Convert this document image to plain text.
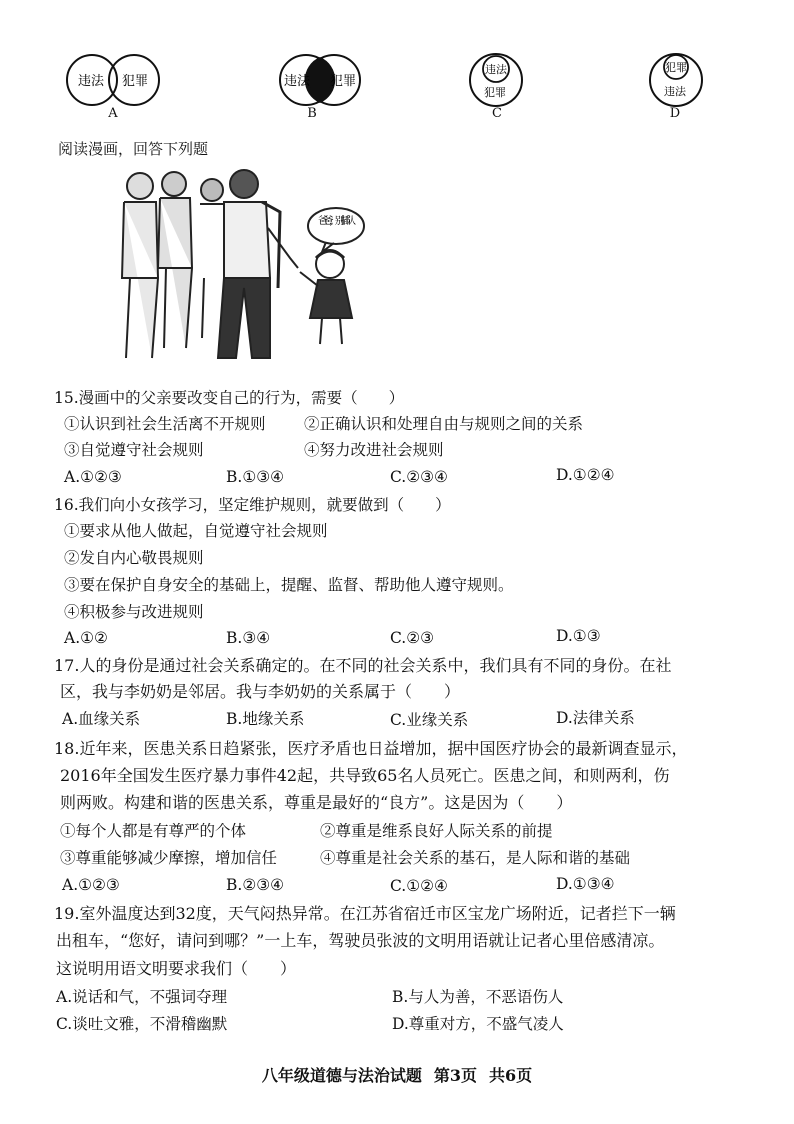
违法 犯罪
A
违法 犯罪
B
违法
犯罪
C
犯罪
违法
D
阅读漫画，回答下列题
爸爸，别插队
15.漫画中的父亲要改变自己的行为，需要（　　）
①认识到社会生活离不开规则 ②正确认识和处理自由与规则之间的关系
③自觉遵守社会规则	④努力改进社会规则
A.①②③	B.①③④	C.②③④	D.①②④
16.我们向小女孩学习，坚定维护规则，就要做到（　　）
①要求从他人做起，自觉遵守社会规则
②发自内心敬畏规则
③要在保护自身安全的基础上，提醒、监督、帮助他人遵守规则。
④积极参与改进规则
A.①②	B.③④	C.②③	D.①③
17.人的身份是通过社会关系确定的。在不同的社会关系中，我们具有不同的身份。在社
区，我与李奶奶是邻居。我与李奶奶的关系属于（　　）
A.血缘关系	B.地缘关系	C.业缘关系	D.法律关系
18.近年来，医患关系日趋紧张，医疗矛盾也日益增加，据中国医疗协会的最新调查显示，
2016年全国发生医疗暴力事件42起，共导致65名人员死亡。医患之间，和则两利，伤
则两败。构建和谐的医患关系，尊重是最好的“良方”。这是因为（　　）
①每个人都是有尊严的个体	②尊重是维系良好人际关系的前提
③尊重能够减少摩擦，增加信任	④尊重是社会关系的基石，是人际和谐的基础
A.①②③	B.②③④	C.①②④	D.①③④
19.室外温度达到32度，天气闷热异常。在江苏省宿迁市区宝龙广场附近，记者拦下一辆
出租车，“您好，请问到哪？”一上车，驾驶员张波的文明用语就让记者心里倍感清凉。
这说明用语文明要求我们（　　）
A.说话和气，不强词夺理	B.与人为善，不恶语伤人
C.谈吐文雅，不滑稽幽默	D.尊重对方，不盛气凌人
八年级道德与法治试题 第3页 共6页
